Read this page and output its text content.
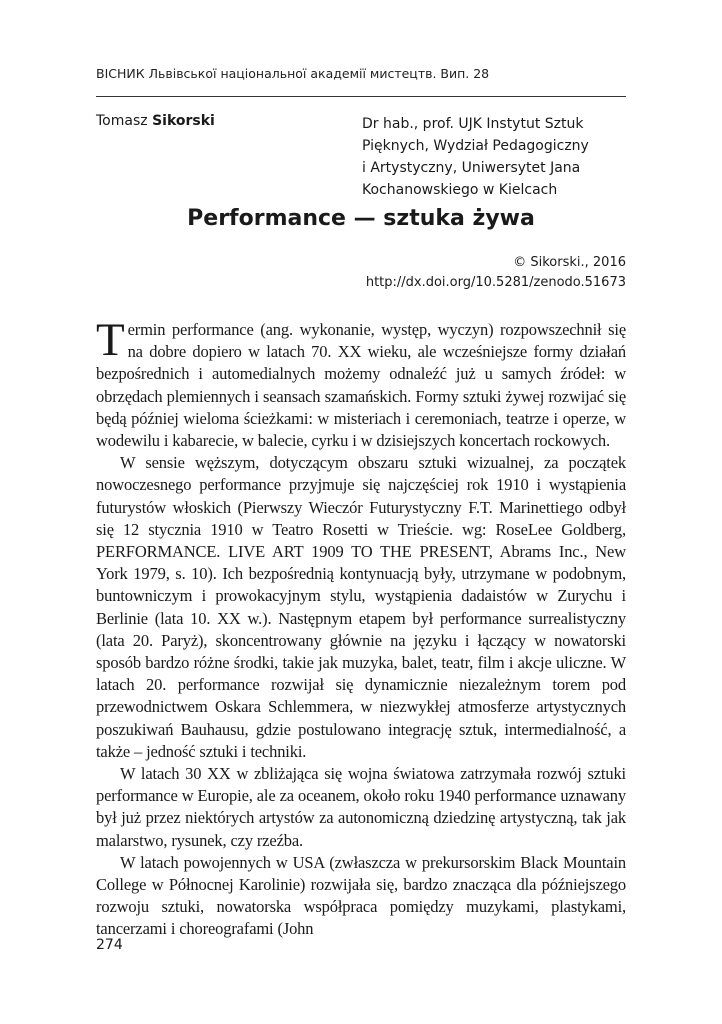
ВІСНИК Львівської національної академії мистецтв. Вип. 28
Tomasz Sikorski	Dr hab., prof. UJK Instytut Sztuk
Pięknych, Wydział Pedagogiczny
i Artystyczny, Uniwersytet Jana
Kochanowskiego w Kielcach
Performance — sztuka żywa
© Sikorski., 2016
http://dx.doi.org/10.5281/zenodo.51673

Termin performance (ang. wykonanie, występ, wyczyn) rozpowszechnił się na dobre dopiero w latach 70. XX wieku, ale wcześniejsze formy działań bezpośrednich i automedialnych możemy odnaleźć już u samych źródeł: w obrzędach plemiennych i seansach szamańskich. Formy sztuki żywej rozwijać się będą później wieloma ścieżkami: w misteriach i ceremoniach, teatrze i operze, w wodewilu i kabarecie, w balecie, cyrku i w dzisiejszych koncertach rockowych.

W sensie węższym, dotyczącym obszaru sztuki wizualnej, za początek nowoczesnego performance przyjmuje się najczęściej rok 1910 i wystąpienia futurystów włoskich (Pierwszy Wieczór Futurystyczny F.T. Marinettiego odbył się 12 stycznia 1910 w Teatro Rosetti w Trieście. wg: RoseLee Goldberg, PERFORMANCE. LIVE ART 1909 TO THE PRESENT, Abrams Inc., New York 1979, s. 10). Ich bezpośrednią kontynuacją były, utrzymane w podobnym, buntowniczym i prowokacyjnym stylu, wystąpienia dadaistów w Zurychu i Berlinie (lata 10. XX w.). Następnym etapem był performance surrealistyczny (lata 20. Paryż), skoncentrowany głównie na języku i łączący w nowatorski sposób bardzo różne środki, takie jak muzyka, balet, teatr, film i akcje uliczne. W latach 20. performance rozwijał się dynamicznie niezależnym torem pod przewodnictwem Oskara Schlemmera, w niezwykłej atmosferze artystycznych poszukiwań Bauhausu, gdzie postulowano integrację sztuk, intermedialność, a także – jedność sztuki i techniki.

W latach 30 XX w zbliżająca się wojna światowa zatrzymała rozwój sztuki performance w Europie, ale za oceanem, około roku 1940 performance uznawany był już przez niektórych artystów za autonomiczną dziedzinę artystyczną, tak jak malarstwo, rysunek, czy rzeźba.

W latach powojennych w USA (zwłaszcza w prekursorskim Black Mountain College w Północnej Karolinie) rozwijała się, bardzo znacząca dla późniejszego rozwoju sztuki, nowatorska współpraca pomiędzy muzykami, plastykami, tancerzami i choreografami (John

274
